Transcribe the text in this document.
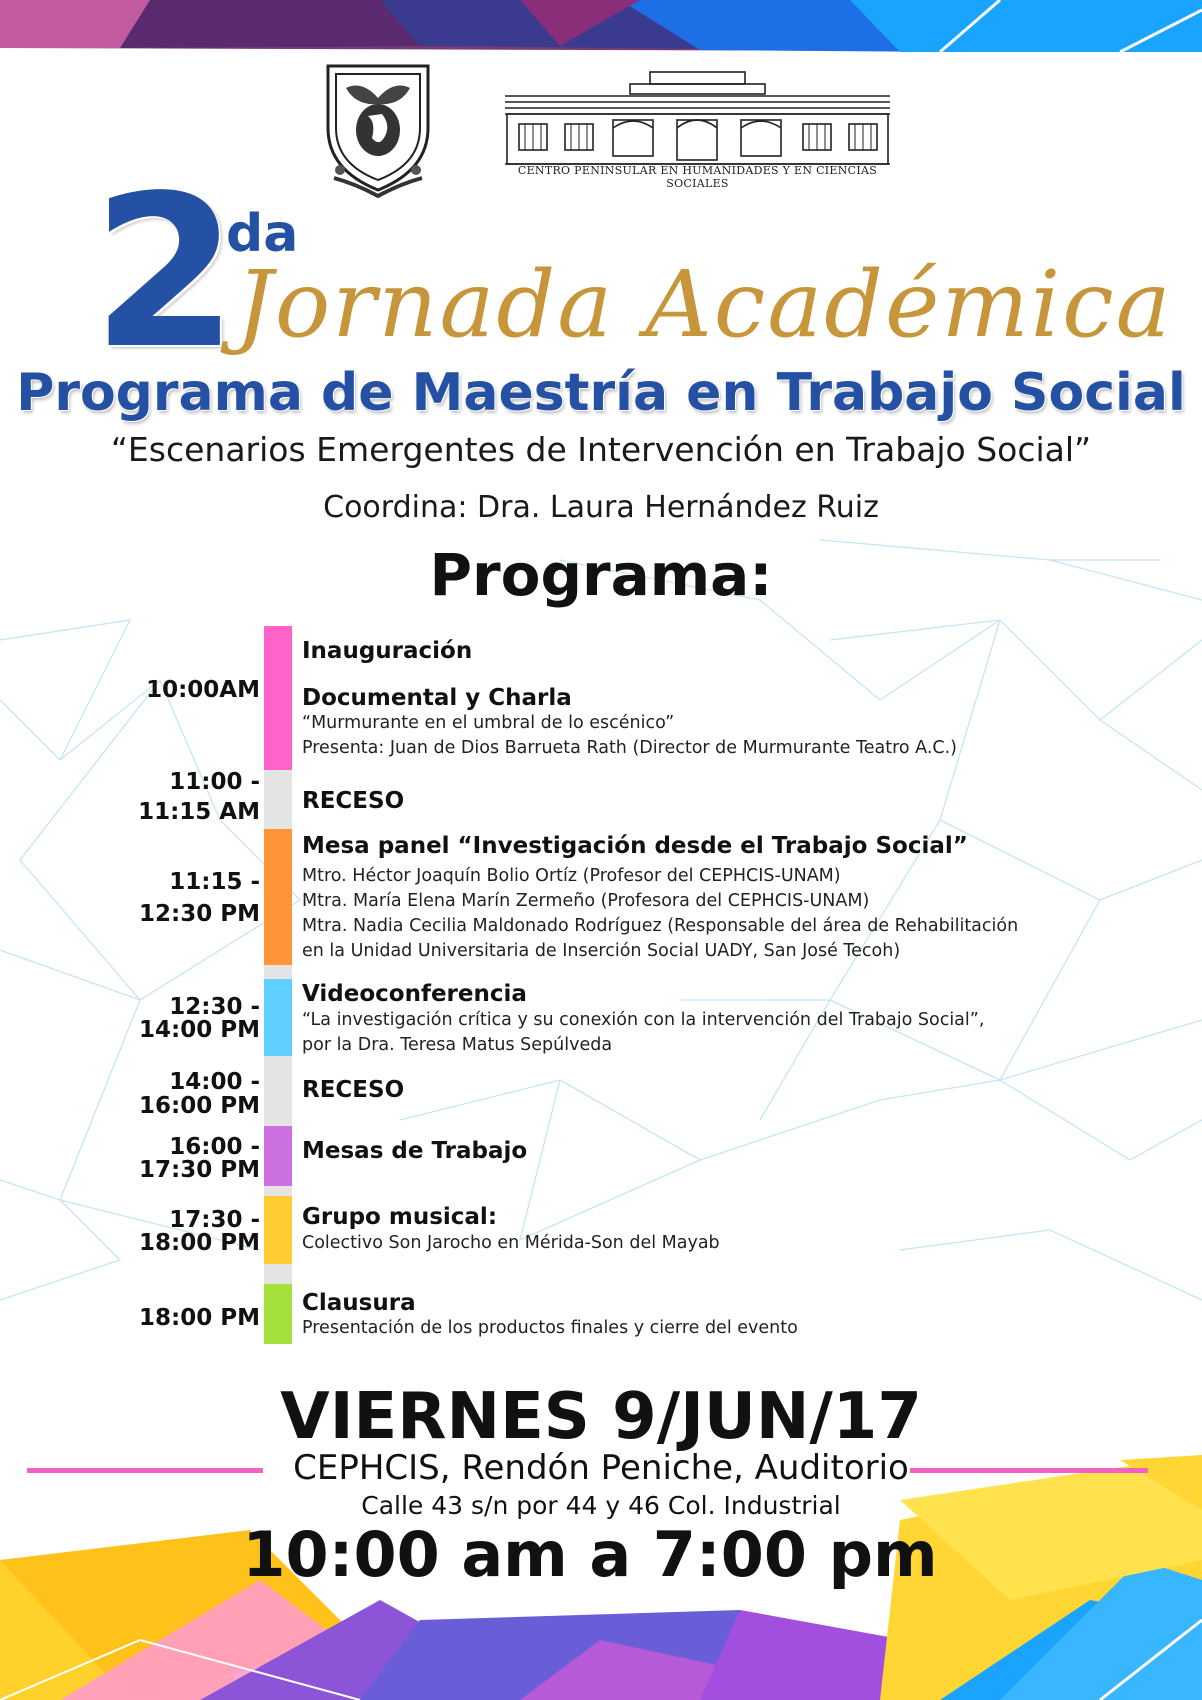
CENTRO PENINSULAR EN HUMANIDADES Y EN CIENCIAS SOCIALES
2
da
Jornada Académica
Programa de Maestría en Trabajo Social
“Escenarios Emergentes de Intervención en Trabajo Social”
Coordina: Dra. Laura Hernández Ruiz
Programa:
10:00AM
Inauguración
Documental y Charla
“Murmurante en el umbral de lo escénico”
Presenta: Juan de Dios Barrueta Rath (Director de Murmurante Teatro A.C.)
11:00 -
11:15 AM RECESO
11:15 -
12:30 PM
Mesa panel “Investigación desde el Trabajo Social”
Mtro. Héctor Joaquín Bolio Ortíz (Profesor del CEPHCIS-UNAM)
Mtra. María Elena Marín Zermeño (Profesora del CEPHCIS-UNAM)
Mtra. Nadia Cecilia Maldonado Rodríguez (Responsable del área de Rehabilitación
en la Unidad Universitaria de Inserción Social UADY, San José Tecoh)
12:30 -
14:00 PM
Videoconferencia
“La investigación crítica y su conexión con la intervención del Trabajo Social”,
por la Dra. Teresa Matus Sepúlveda
14:00 -
16:00 PM
RECESO
16:00 -
17:30 PM
Mesas de Trabajo
17:30 -
18:00 PM
Grupo musical:
Colectivo Son Jarocho en Mérida-Son del Mayab
18:00 PM
Clausura
Presentación de los productos finales y cierre del evento
VIERNES 9/JUN/17
CEPHCIS, Rendón Peniche, Auditorio
Calle 43 s/n por 44 y 46 Col. Industrial
10:00 am a 7:00 pm
